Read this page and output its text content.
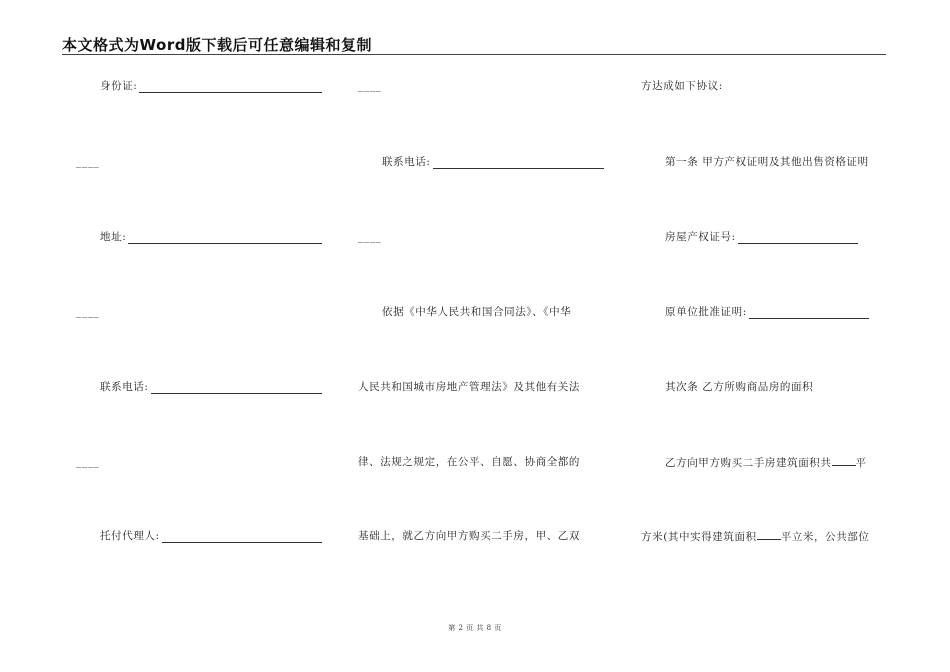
本文格式为Word版下载后可任意编辑和复制
身份证:
____
地址:
____
联系电话:
____
托付代理人:
____
联系电话:
____
依据《中华人民共和国合同法》、《中华
人民共和国城市房地产管理法》及其他有关法
律、法规之规定，在公平、自愿、协商全都的
基础上，就乙方向甲方购买二手房，甲、乙双
方达成如下协议:
第一条 甲方产权证明及其他出售资格证明
房屋产权证号:
原单位批准证明:
其次条 乙方所购商品房的面积
乙方向甲方购买二手房建筑面积共 平
方米(其中实得建筑面积 平立米，公共部位
第 2 页 共 8 页
